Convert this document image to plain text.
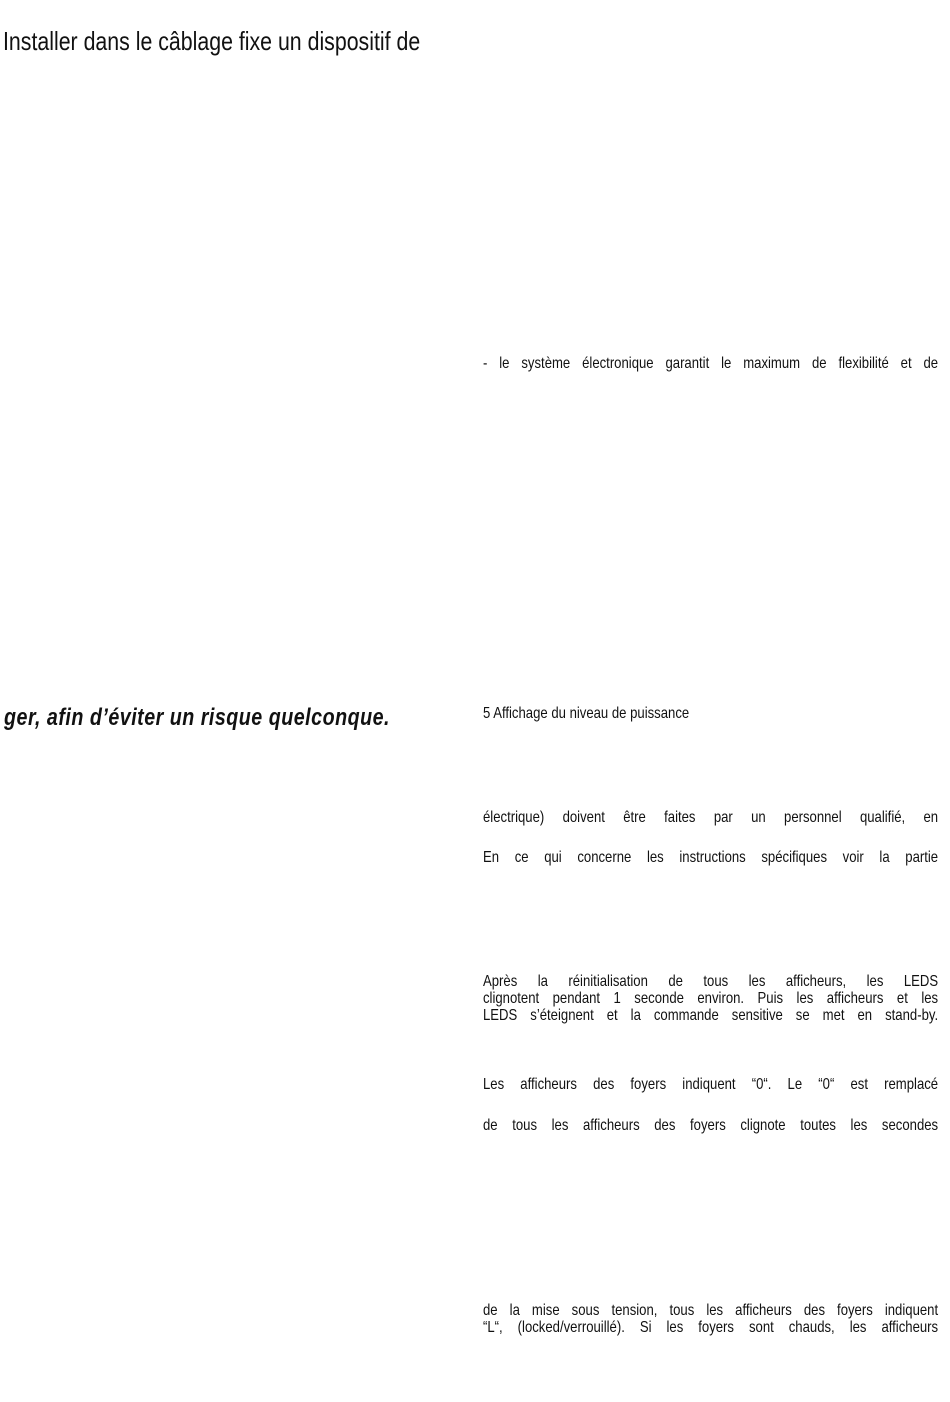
Installer dans le câblage fixe un dispositif de

ger, afin d’éviter un risque quelconque.

- le système électronique garantit le maximum de flexibilité et de

5 Affichage du niveau de puissance

électrique) doivent être faites par un personnel qualifié, en

En ce qui concerne les instructions spécifiques voir la partie

Après la réinitialisation de tous les afficheurs, les LEDS
clignotent pendant 1 seconde environ. Puis les afficheurs et les
LEDS s’éteignent et la commande sensitive se met en stand-by.

Les afficheurs des foyers indiquent “0“. Le “0“ est remplacé

de tous les afficheurs des foyers clignote toutes les secondes

de la mise sous tension, tous les afficheurs des foyers indiquent
“L“, (locked/verrouillé). Si les foyers sont chauds, les afficheurs
